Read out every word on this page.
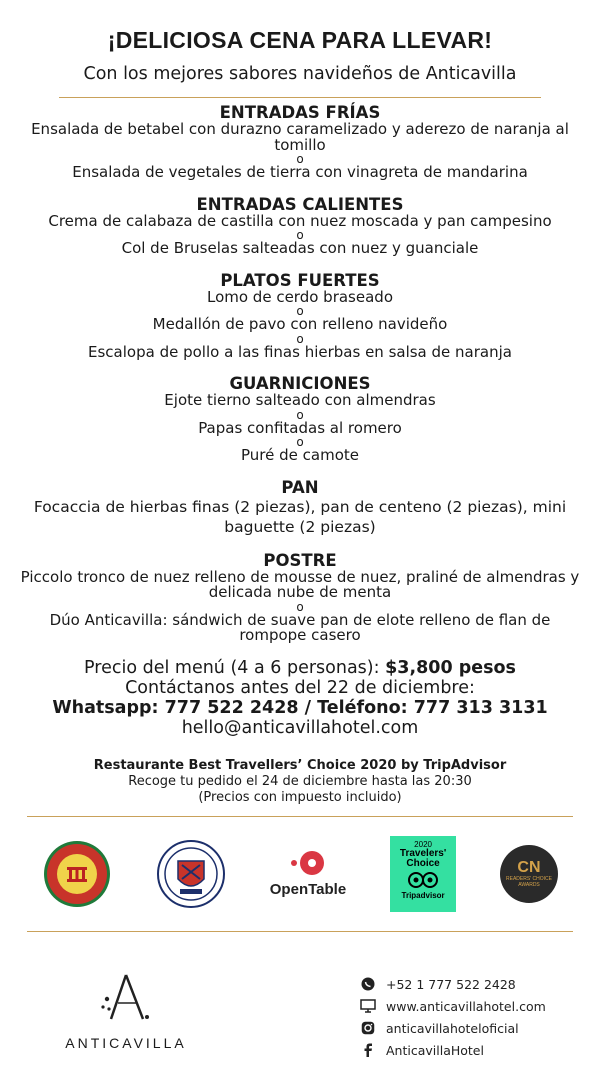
¡DELICIOSA CENA PARA LLEVAR!
Con los mejores sabores navideños de Anticavilla
ENTRADAS FRÍAS
Ensalada de betabel con durazno caramelizado y aderezo de naranja al tomillo
o
Ensalada de vegetales de tierra con vinagreta de mandarina
ENTRADAS CALIENTES
Crema de calabaza de castilla con nuez moscada y pan campesino
o
Col de Bruselas salteadas con nuez y guanciale
PLATOS FUERTES
Lomo de cerdo braseado
o
Medallón de pavo con relleno navideño
o
Escalopa de pollo a las finas hierbas en salsa de naranja
GUARNICIONES
Ejote tierno salteado con almendras
o
Papas confitadas al romero
o
Puré de camote
PAN
Focaccia de hierbas finas (2 piezas), pan de centeno (2 piezas), mini baguette (2 piezas)
POSTRE
Piccolo tronco de nuez relleno de mousse de nuez, praliné de almendras y delicada nube de menta
o
Dúo Anticavilla: sándwich de suave pan de elote relleno de flan de rompope casero
Precio del menú (4 a 6 personas): $3,800 pesos
Contáctanos antes del 22 de diciembre:
Whatsapp: 777 522 2428 / Teléfono: 777 313 3131
hello@anticavillahotel.com
Restaurante Best Travellers’ Choice 2020 by TripAdvisor
Recoge tu pedido el 24 de diciembre hasta las 20:30
(Precios con impuesto incluido)
OpenTable
2020
Travelers' Choice
Tripadvisor
CN
READERS' CHOICE AWARDS
ANTICAVILLA
+52 1 777 522 2428
www.anticavillahotel.com
anticavillahoteloficial
AnticavillaHotel
